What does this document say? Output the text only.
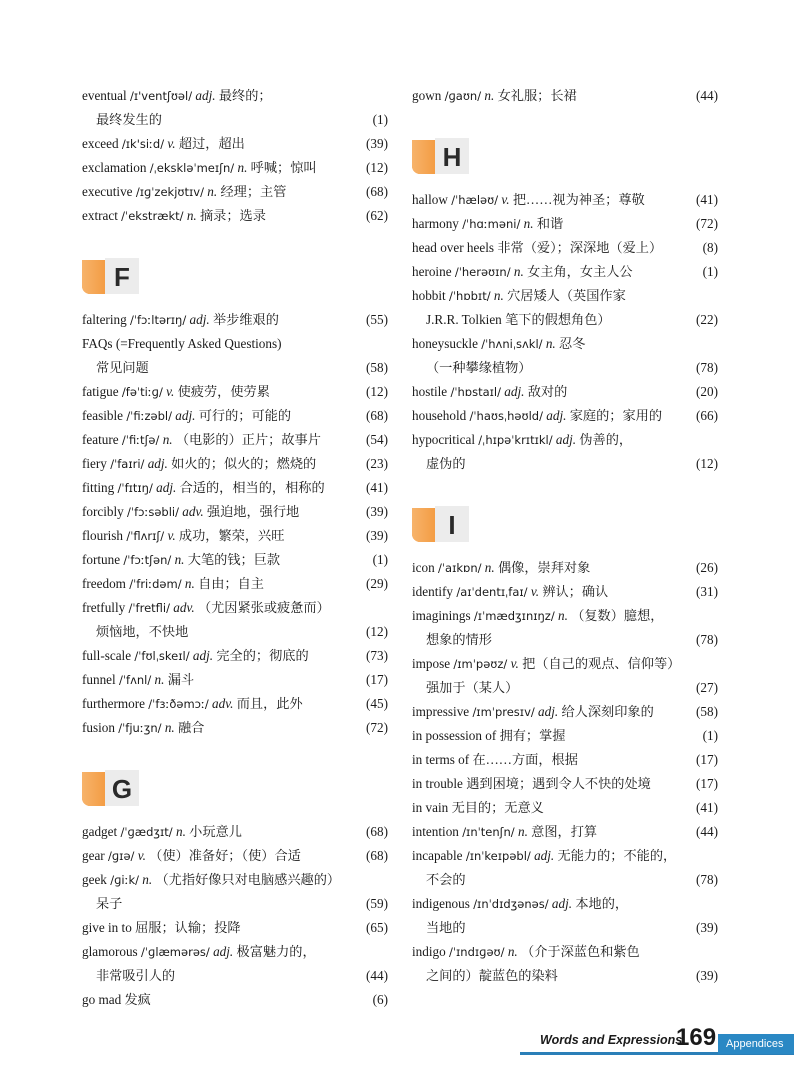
eventual /ɪ'ventʃʊəl/ adj. 最终的；
最终发生的	(1)
exceed /ɪk'siːd/ v. 超过，超出	(39)
exclamation /ˌekskləˈmeɪʃn/ n. 呼喊；惊叫	(12)
executive /ɪɡˈzekjʊtɪv/ n. 经理；主管	(68)
extract /ˈekstrækt/ n. 摘录；选录	(62)
F
faltering /ˈfɔːltərɪŋ/ adj. 举步维艰的	(55)
FAQs (=Frequently Asked Questions)
常见问题	(58)
fatigue /fəˈtiːɡ/ v. 使疲劳，使劳累	(12)
feasible /ˈfiːzəbl/ adj. 可行的；可能的	(68)
feature /ˈfiːtʃə/ n. （电影的）正片；故事片	(54)
fiery /ˈfaɪri/ adj. 如火的；似火的；燃烧的	(23)
fitting /ˈfɪtɪŋ/ adj. 合适的，相当的，相称的	(41)
forcibly /ˈfɔːsəbli/ adv. 强迫地，强行地	(39)
flourish /ˈflʌrɪʃ/ v. 成功，繁荣，兴旺	(39)
fortune /ˈfɔːtʃən/ n. 大笔的钱；巨款	(1)
freedom /ˈfriːdəm/ n. 自由；自主	(29)
fretfully /ˈfretfli/ adv. （尤因紧张或疲惫而）
烦恼地，不快地	(12)
full-scale /ˈfʊlˌskeɪl/ adj. 完全的；彻底的	(73)
funnel /ˈfʌnl/ n. 漏斗	(17)
furthermore /ˈfɜːðəmɔː/ adv. 而且，此外	(45)
fusion /ˈfjuːʒn/ n. 融合	(72)
G
gadget /ˈɡædʒɪt/ n. 小玩意儿	(68)
gear /ɡɪə/ v. （使）准备好；（使）合适	(68)
geek /ɡiːk/ n. （尤指好像只对电脑感兴趣的）
呆子	(59)
give in to 屈服；认输；投降	(65)
glamorous /ˈɡlæmərəs/ adj. 极富魅力的，
非常吸引人的	(44)
go mad 发疯	(6)
gown /ɡaʊn/ n. 女礼服；长裙	(44)
H
hallow /ˈhæləʊ/ v. 把……视为神圣；尊敬	(41)
harmony /ˈhɑːməni/ n. 和谐	(72)
head over heels 非常（爱）；深深地（爱上）	(8)
heroine /ˈherəʊɪn/ n. 女主角，女主人公	(1)
hobbit /ˈhɒbɪt/ n. 穴居矮人（英国作家
J.R.R. Tolkien 笔下的假想角色）	(22)
honeysuckle /ˈhʌniˌsʌkl/ n. 忍冬
（一种攀缘植物）	(78)
hostile /ˈhɒstaɪl/ adj. 敌对的	(20)
household /ˈhaʊsˌhəʊld/ adj. 家庭的；家用的	(66)
hypocritical /ˌhɪpəˈkrɪtɪkl/ adj. 伪善的，
虚伪的	(12)
I
icon /ˈaɪkɒn/ n. 偶像，崇拜对象	(26)
identify /aɪˈdentɪˌfaɪ/ v. 辨认；确认	(31)
imaginings /ɪˈmædʒɪnɪŋz/ n. （复数）臆想，
想象的情形	(78)
impose /ɪmˈpəʊz/ v. 把（自己的观点、信仰等）
强加于（某人）	(27)
impressive /ɪmˈpresɪv/ adj. 给人深刻印象的	(58)
in possession of 拥有；掌握	(1)
in terms of 在……方面，根据	(17)
in trouble 遇到困境；遇到令人不快的处境	(17)
in vain 无目的；无意义	(41)
intention /ɪnˈtenʃn/ n. 意图，打算	(44)
incapable /ɪnˈkeɪpəbl/ adj. 无能力的；不能的，
不会的	(78)
indigenous /ɪnˈdɪdʒənəs/ adj. 本地的，
当地的	(39)
indigo /ˈɪndɪɡəʊ/ n. （介于深蓝色和紫色
之间的）靛蓝色的染料	(39)
Words and Expressions
169 Appendices
